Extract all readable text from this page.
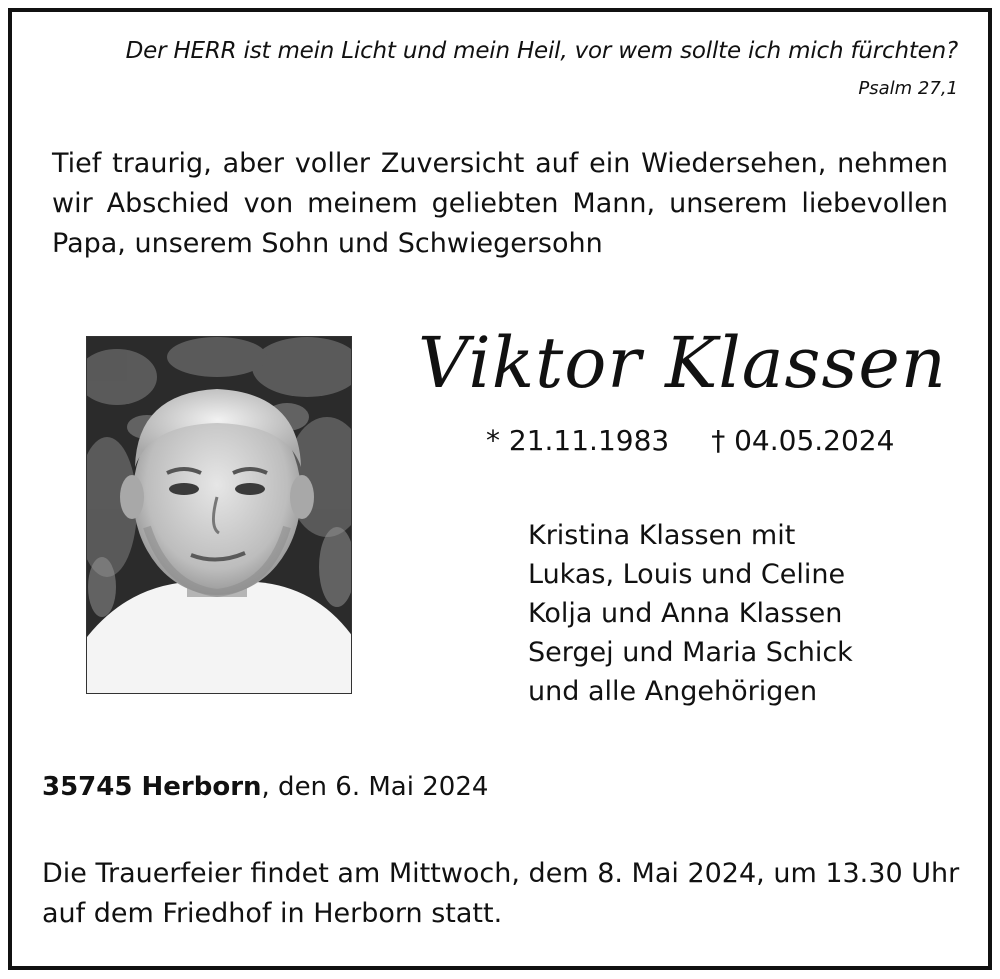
Der HERR ist mein Licht und mein Heil, vor wem sollte ich mich fürchten?
Psalm 27,1
Tief traurig, aber voller Zuversicht auf ein Wiedersehen, nehmen
wir Abschied von meinem geliebten Mann, unserem liebevollen
Papa, unserem Sohn und Schwiegersohn
Viktor Klassen
* 21.11.1983 † 04.05.2024
Kristina Klassen mit
Lukas, Louis und Celine
Kolja und Anna Klassen
Sergej und Maria Schick
und alle Angehörigen
35745 Herborn, den 6. Mai 2024
Die Trauerfeier findet am Mittwoch, dem 8. Mai 2024, um 13.30 Uhr
auf dem Friedhof in Herborn statt.
